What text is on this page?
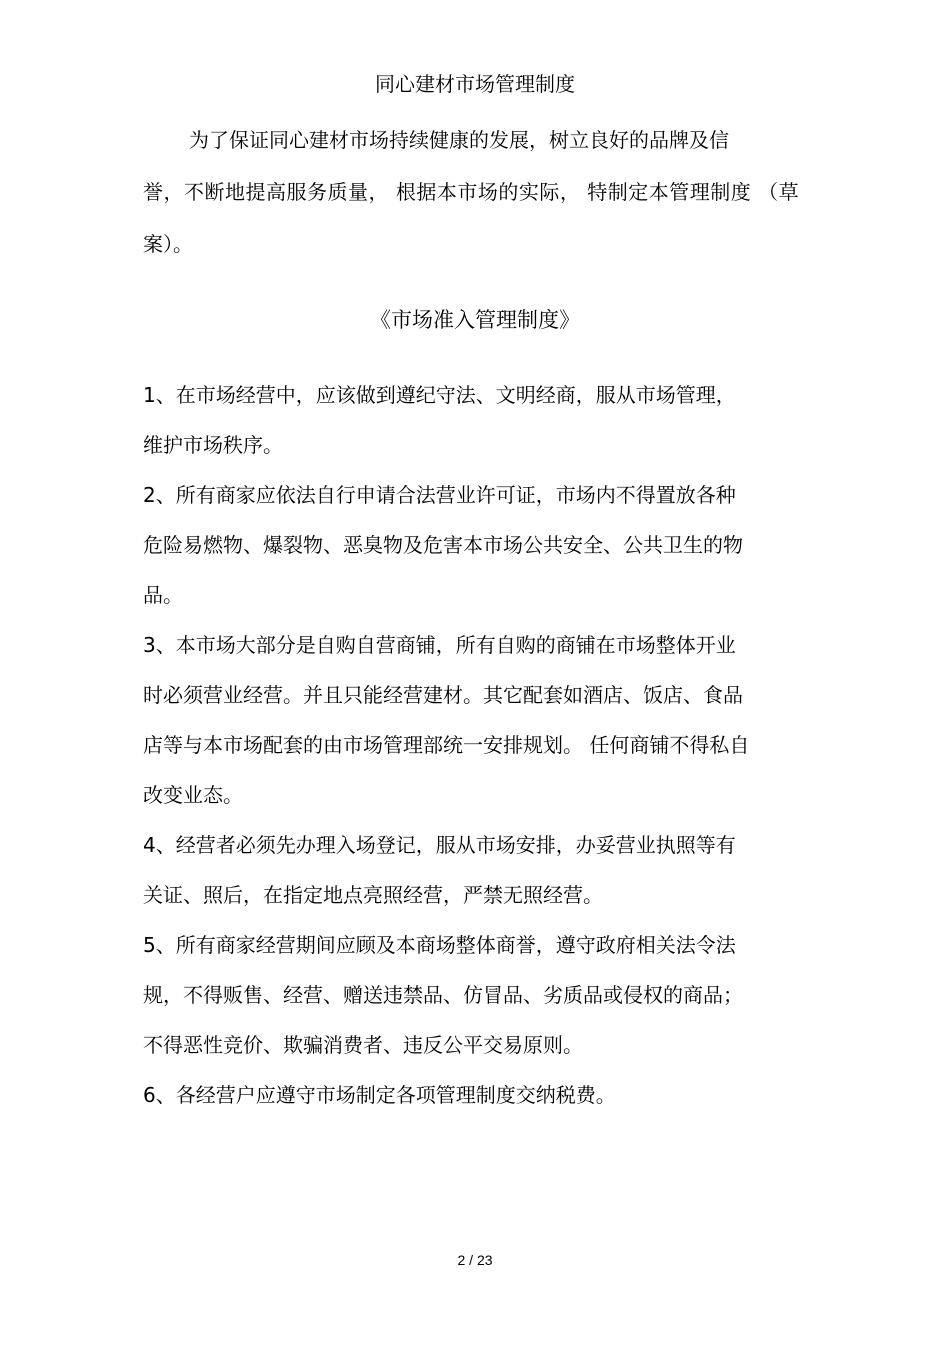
同心建材市场管理制度
为了保证同心建材市场持续健康的发展，树立良好的品牌及信
誉，不断地提高服务质量， 根据本市场的实际， 特制定本管理制度 （草
案）。
《市场准入管理制度》
1、在市场经营中，应该做到遵纪守法、文明经商，服从市场管理，
维护市场秩序。
2、所有商家应依法自行申请合法营业许可证，市场内不得置放各种
危险易燃物、爆裂物、恶臭物及危害本市场公共安全、公共卫生的物
品。
3、本市场大部分是自购自营商铺，所有自购的商铺在市场整体开业
时必须营业经营。并且只能经营建材。其它配套如酒店、饭店、食品
店等与本市场配套的由市场管理部统一安排规划。 任何商铺不得私自
改变业态。
4、经营者必须先办理入场登记，服从市场安排，办妥营业执照等有
关证、照后，在指定地点亮照经营，严禁无照经营。
5、所有商家经营期间应顾及本商场整体商誉，遵守政府相关法令法
规，不得贩售、经营、赠送违禁品、仿冒品、劣质品或侵权的商品；
不得恶性竞价、欺骗消费者、违反公平交易原则。
6、各经营户应遵守市场制定各项管理制度交纳税费。
2 / 23
